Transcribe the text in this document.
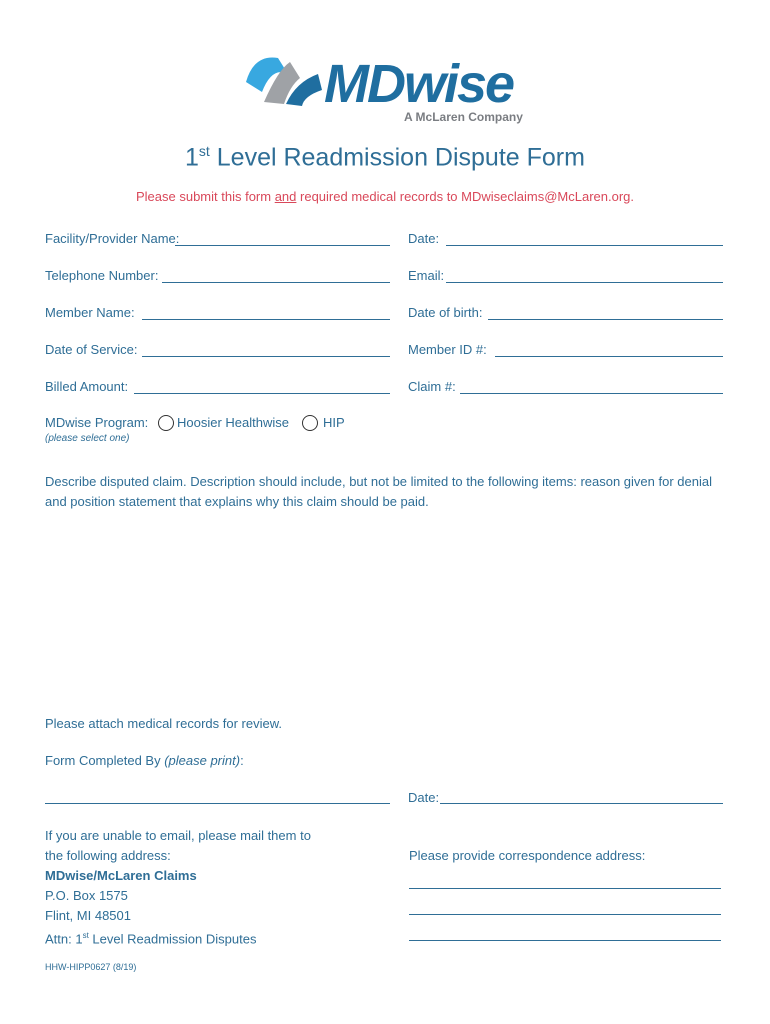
MDwise
A McLaren Company
1st Level Readmission Dispute Form
Please submit this form and required medical records to MDwiseclaims@McLaren.org.
Facility/Provider Name:	Date:
Telephone Number:	Email:
Member Name:	Date of birth:
Date of Service:	Member ID #:
Billed Amount:	Claim #:
MDwise Program:
(please select one)
Hoosier Healthwise	HIP
Describe disputed claim. Description should include, but not be limited to the following items: reason given for denial and position statement that explains why this claim should be paid.
Please attach medical records for review.
Form Completed By (please print):
Date:
If you are unable to email, please mail them to
the following address:
MDwise/McLaren Claims
P.O. Box 1575
Flint, MI 48501
Attn: 1st Level Readmission Disputes
Please provide correspondence address:
HHW-HIPP0627 (8/19)
